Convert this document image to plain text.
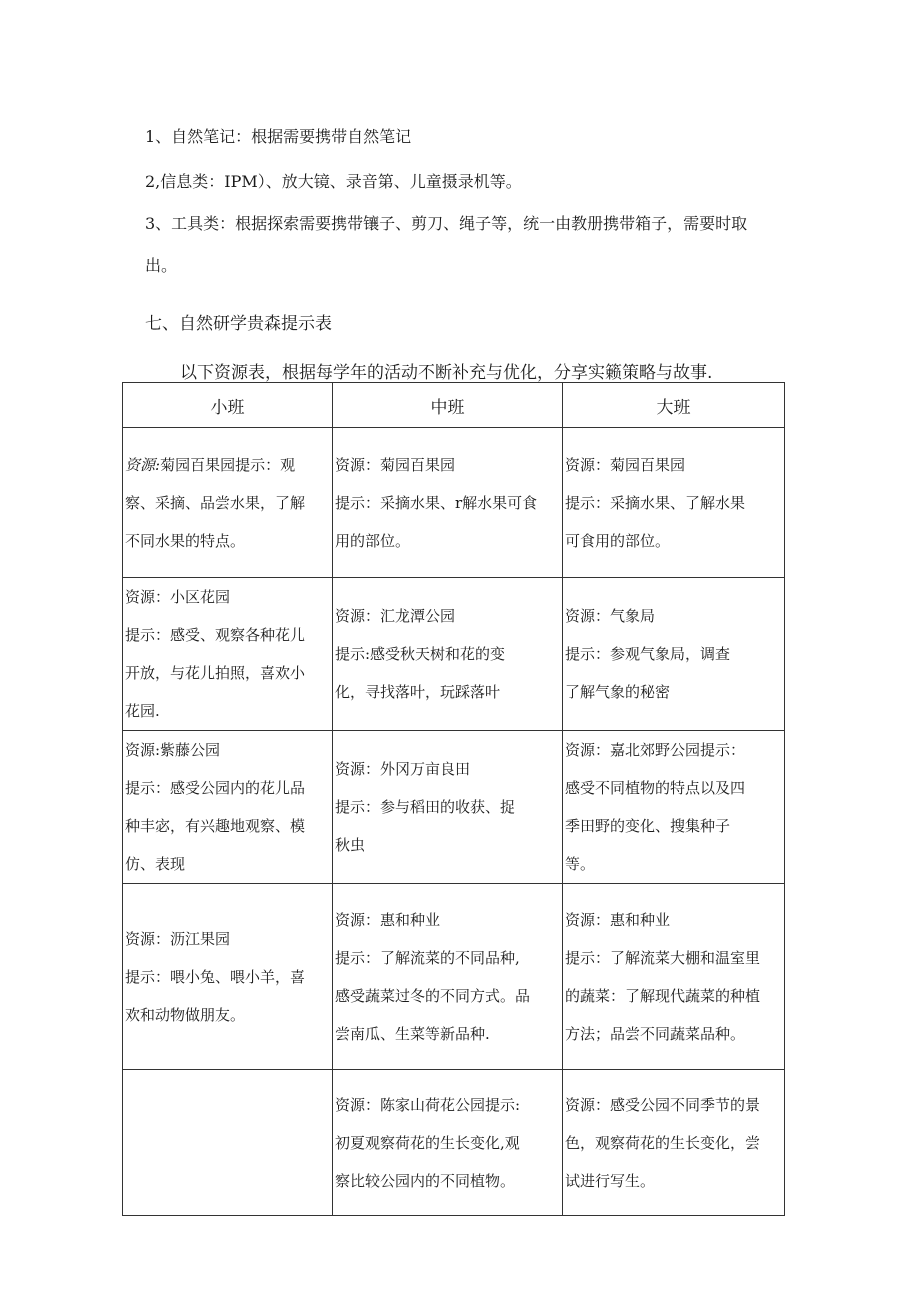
1、自然笔记：根据需要携带自然笔记
2,信息类：IPM）、放大镜、录音第、儿童摄录机等。
3、工具类：根据探索需要携带镶子、剪刀、绳子等，统一由教册携带箱子，需要时取
出。
七、自然研学贵森提示表
以下资源表，根据每学年的活动不断补充与优化，分享实籁策略与故事.
小班	中班	大班

资源:菊园百果园提示：观
察、采摘、品尝水果，了解
不同水果的特点。	资源：菊园百果园
提示：采摘水果、r解水果可食
用的部位。	资源：菊园百果园
提示：采摘水果、了解水果
可食用的部位。

资源：小区花园
提示：感受、观察各种花儿
开放，与花儿拍照，喜欢小
花园.	资源：汇龙潭公园
提示:感受秋天树和花的变
化，寻找落叶，玩踩落叶	资源：气象局
提示：参观气象局，调查
了解气象的秘密

资源:紫藤公园
提示：感受公园内的花儿品
种丰宓，有兴趣地观察、模
仿、表现	资源：外冈万亩良田
提示：参与稻田的收获、捉
秋虫	资源：嘉北郊野公园提示：
感受不同植物的特点以及四
季田野的变化、搜集种子
等。

资源：沥江果园
提示：喂小兔、喂小羊，喜
欢和动物做朋友。	资源：惠和种业
提示：了解流菜的不同品种,
感受蔬菜过冬的不同方式。品
尝南瓜、生菜等新品种.	资源：惠和种业
提示：了解流菜大棚和温室里
的蔬菜：了解现代蔬菜的种植
方法；品尝不同蔬菜品种。

	资源：陈家山荷花公园提示:
初夏观察荷花的生长变化,观
察比较公园内的不同植物。	资源：感受公园不同季节的景
色，观察荷花的生长变化，尝
试进行写生。
